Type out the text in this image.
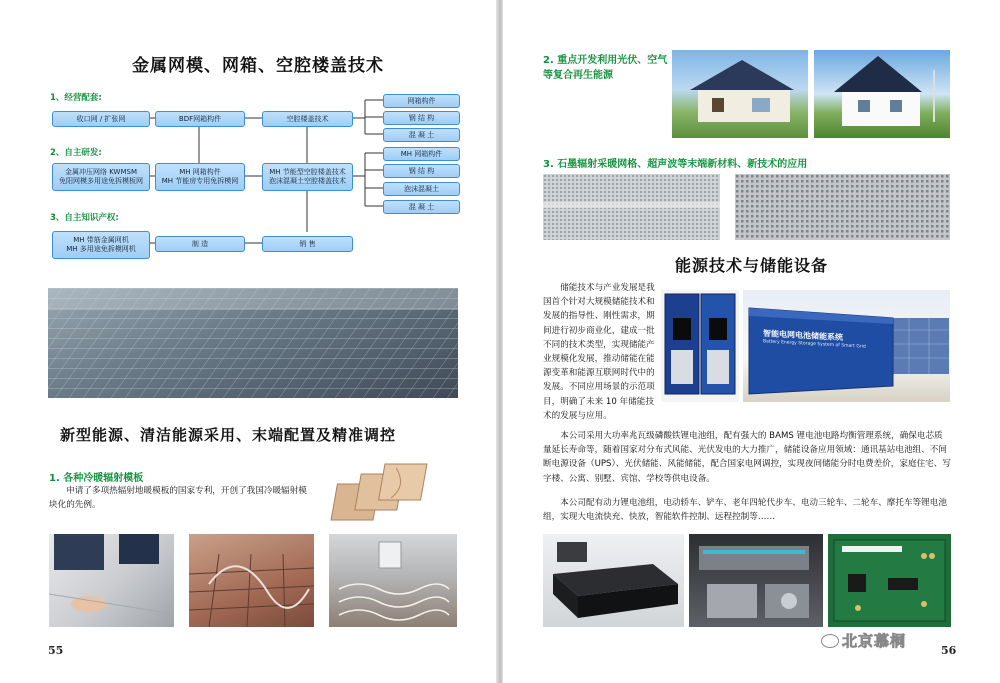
金属网模、网箱、空腔楼盖技术
1、经营配套:
2、自主研发:
3、自主知识产权:
收口网 / 扩张网	BDF网箱构件	空腔楼盖技术
金属冲压网络 KWMSM
免阳网模多用途免拆模板网
MH 网箱构件
MH 节能房专用免拆模网
MH 节能型空腔楼盖技术
泡沫混凝土空腔楼盖技术
MH 带筋金属网机
MH 多用途免拆模网机
制 造	销 售
网箱构件
钢 结 构
混 凝 土
MH 网箱构件
钢 结 构
泡沫混凝土
混 凝 土
新型能源、清洁能源采用、末端配置及精准调控
1. 各种冷暖辐射模板
申请了多项热辐射地暖模板的国家专利，开创了我国冷暖辐射模块化的先例。
55
2. 重点开发利用光伏、空气等复合再生能源
3. 石墨辐射采暖网格、超声波等末端新材料、新技术的应用
能源技术与储能设备
储能技术与产业发展是我国首个针对大规模储能技术和发展的指导性、刚性需求，期间进行初步商业化，建成一批不同的技术类型，实现储能产业规模化发展，推动储能在能源变革和能源互联网时代中的发展。不同应用场景的示范项目，明确了未来 10 年储能技术的发展与应用。
智能电网电池储能系统
Battery Energy Storage System of Smart Grid
本公司采用大功率兆瓦级磷酸铁锂电池组，配有强大的 BAMS 锂电池电路均衡管理系统，确保电芯质量延长寿命等，随着国家对分布式风能、光伏发电的大力推广，储能设备应用领域：通讯基站电池组、不间断电源设备（UPS）、光伏储能、风能储能，配合国家电网调控，实现夜间储能分时电费差价，家庭住宅、写字楼、公寓、别墅、宾馆、学校等供电设备。
本公司配有动力锂电池组，电动轿车、铲车、老年四轮代步车、电动三轮车、二轮车、摩托车等锂电池组，实现大电流快充、快放，智能软件控制、远程控制等……
北京慕桐
56
